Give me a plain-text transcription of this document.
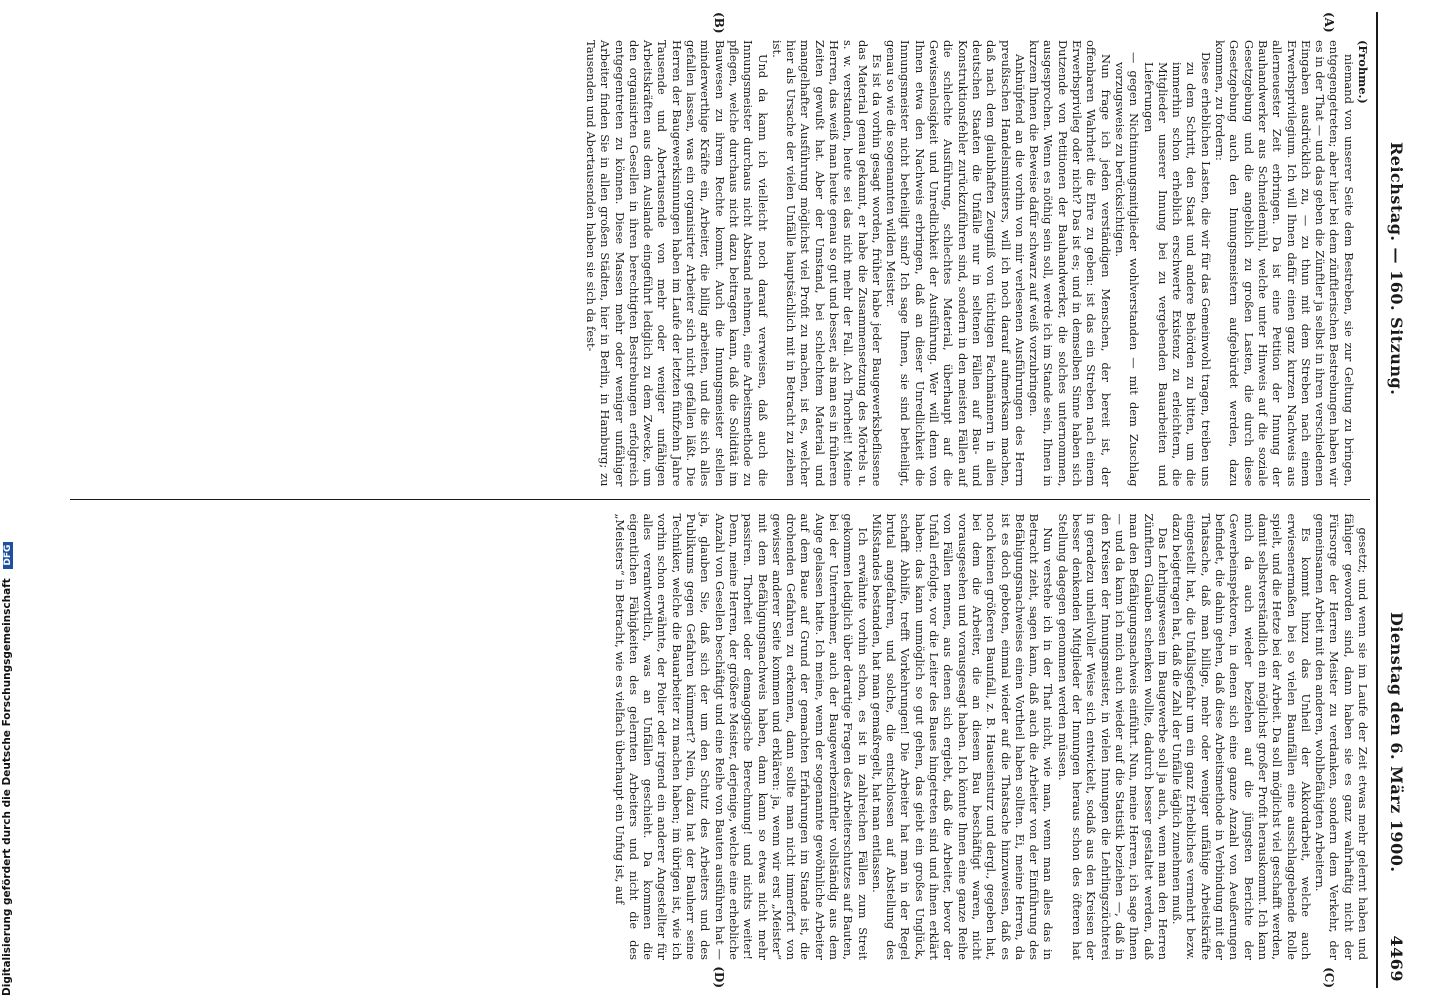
Reichstag. — 160. Sitzung.
Dienstag den 6. März 1900.
4469
(A)
(B)

(Frohme.)

niemand von unserer Seite dem Bestreben, sie zur Geltung zu bringen, entgegengetreten; aber hier bei dem zünftlerischen Bestrebungen haben wir es in der That — und das geben die Zünftler ja selbst in ihren verschiedenen Eingaben ausdrücklich zu, — zu thun mit dem Streben nach einem Erwerbsprivilegium. Ich will Ihnen dafür einen ganz kurzen Nachweis aus allerneuester Zeit erbringen. Da ist eine Petition der Innung der Bauhandwerker aus Schneidemühl, welche unter Hinweis auf die soziale Gesetzgebung und die angeblich zu großen Lasten, die durch diese Gesetzgebung auch den Innungsmeistern aufgebürdet werden, dazu kommen, zu fordern:

Diese erheblichen Lasten, die wir für das Gemeinwohl tragen, treiben uns zu dem Schritt, den Staat und andere Behörden zu bitten, um die immerhin schon erheblich erschwerte Existenz zu erleichtern, die Mitglieder unserer Innung bei zu vergebenden Bauarbeiten und Lieferungen

— gegen Nichtinnungsmitglieder wohlverstanden — mit dem Zuschlag vorzugsweise zu berücksichtigen.

Nun frage ich jeden verständigen Menschen, der bereit ist, der offenbaren Wahrheit die Ehre zu geben: ist das ein Streben nach einem Erwerbsprivileg oder nicht? Das ist es; und in demselben Sinne haben sich Dutzende von Petitionen der Bauhandwerker, die solches unternommen, ausgesprochen. Wenn es nöthig sein soll, werde ich im Stande sein, Ihnen in kurzem Ihnen die Beweise dafür schwarz auf weiß vorzubringen.

Anknüpfend an die vorhin von mir verlesenen Ausführungen des Herrn preußischen Handelsministers, will ich noch darauf aufmerksam machen, daß nach dem glaubhaften Zeugniß von tüchtigen Fachmännern in allen deutschen Staaten die Unfälle nur in seltenen Fällen auf Bau- und Konstruktionsfehler zurückzuführen sind, sondern in den meisten Fällen auf die schlechte Ausführung, schlechtes Material, überhaupt auf die Gewissenlosigkeit und Unredlichkeit der Ausführung. Wer will denn von Ihnen etwa den Nachweis erbringen, daß an dieser Unredlichkeit die Innungsmeister nicht betheiligt sind? Ich sage Ihnen, sie sind betheiligt, genau so wie die sogenannten wilden Meister.

Es ist da vorhin gesagt worden, früher habe jeder Baugewerksbeflissene das Material genau gekannt, er habe die Zusammensetzung des Mörtels u. s. w. verstanden, heute sei das nicht mehr der Fall. Ach Thorheit! Meine Herren, das weiß man heute genau so gut und besser, als man es in früheren Zeiten gewußt hat. Aber der Umstand, bei schlechtem Material und mangelhafter Ausführung möglichst viel Profit zu machen, ist es, welcher hier als Ursache der vielen Unfälle hauptsächlich mit in Betracht zu ziehen ist.

Und da kann ich vielleicht noch darauf verweisen, daß auch die Innungsmeister durchaus nicht Abstand nehmen, eine Arbeitsmethode zu pflegen, welche durchaus nicht dazu beitragen kann, daß die Solidität im Bauwesen zu ihrem Rechte kommt. Auch die Innungsmeister stellen minderwerthige Kräfte ein, Arbeiter, die billig arbeiten, und die sich alles gefallen lassen, was ein organisirter Arbeiter sich nicht gefallen läßt. Die Herren der Baugewerksinnungen haben im Laufe der letzten fünfzehn Jahre Tausende und Abertausende von mehr oder weniger unfähigen Arbeitskräften aus dem Auslande eingeführt lediglich zu dem Zwecke, um den organisirten Gesellen in ihren berechtigten Bestrebungen erfolgreich entgegentreten zu können. Diese Massen mehr oder weniger unfähiger Arbeiter finden Sie in allen großen Städten, hier in Berlin, in Hamburg; zu Tausenden und Abertausenden haben sie sich da fest-

(C)
(D)

gesetzt; und wenn sie im Laufe der Zeit etwas mehr gelernt haben und fähiger geworden sind, dann haben sie es ganz wahrhaftig nicht der Fürsorge der Herren Meister zu verdanken, sondern dem Verkehr, der gemeinsamen Arbeit mit den anderen, wohlbefähigten Arbeitern.

Es kommt hinzu das Unheil der Akkordarbeit, welche auch erwiesenermaßen bei so vielen Baunfällen eine ausschlaggebende Rolle spielt, und die Hetze bei der Arbeit. Da soll möglichst viel geschafft werden, damit selbstverständlich ein möglichst großer Profit herauskommt. Ich kann mich da auch wieder beziehen auf die jüngsten Berichte der Gewerbeinspektoren, in denen sich eine ganze Anzahl von Aeußerungen befindet, die dahin gehen, daß diese Arbeitsmethode in Verbindung mit der Thatsache, daß man billige, mehr oder weniger unfähige Arbeitskräfte eingestellt hat, die Unfallsgefahr um ein ganz Erhebliches vermehrt bezw. dazu beigetragen hat, daß die Zahl der Unfälle täglich zunehmen muß.

Das Lehrlingswesen im Baugewerbe soll ja auch, wenn man den Herren Zünftlern Glauben schenken wollte, dadurch besser gestaltet werden, daß man den Befähigungsnachweis einführt. Nun, meine Herren, ich sage Ihnen — und da kann ich mich auch wieder auf die Statistik beziehen —, daß in den Kreisen der Innungsmeister, in vielen Innungen die Lehrlingszüchterei in geradezu unheilvoller Weise sich entwickelt, sodaß aus den Kreisen der besser denkenden Mitglieder der Innungen heraus schon des öfteren hat Stellung dagegen genommen werden müssen.

Nun verstehe ich in der That nicht, wie man, wenn man alles das in Betracht zieht, sagen kann, daß auch die Arbeiter von der Einführung des Befähigungsnachweises einen Vortheil haben sollten. Ei, meine Herren, da ist es doch geboten, einmal wieder auf die Thatsache hinzuweisen, daß es noch keinen größeren Baunfall, z. B. Hauseinsturz und dergl., gegeben hat, bei dem die Arbeiter, die an diesem Bau beschäftigt waren, nicht vorausgesehen und vorausgesagt haben. Ich könnte Ihnen eine ganze Reihe von Fällen nennen, aus denen sich ergiebt, daß die Arbeiter, bevor der Unfall erfolgte, vor die Leiter des Baues hingetreten sind und ihnen erklärt haben: das kann unmöglich so gut gehen, das giebt ein großes Unglück, schafft Abhilfe, trefft Vorkehrungen! Die Arbeiter hat man in der Regel brutal angefahren, und solche, die entschlossen auf Abstellung des Mißstandes bestanden, hat man gemaßregelt, hat man entlassen.

Ich erwähnte vorhin schon, es ist in zahlreichen Fällen zum Streit gekommen lediglich über derartige Fragen des Arbeiterschutzes auf Bauten, bei der Unternehmer, auch der Baugewerbezünftler vollständig aus dem Auge gelassen hatte. Ich meine, wenn der sogenannte gewöhnliche Arbeiter auf dem Baue auf Grund der gemachten Erfahrungen im Stande ist, die drohenden Gefahren zu erkennen, dann sollte man nicht immerfort von gewisser anderer Seite kommen und erklären: ja, wenn wir erst „Meister“ mit dem Befähigungsnachweis haben, dann kann so etwas nicht mehr passiren. Thorheit oder demagogische Berechnung! und nichts weiter! Denn, meine Herren, der größere Meister, derjenige, welche eine erhebliche Anzahl von Gesellen beschäftigt und eine Reihe von Bauten ausführen hat — ja, glauben Sie, daß sich der um den Schutz des Arbeiters und des Publikums gegen Gefahren kümmert? Nein, dazu hat der Bauherr seine Techniker, welche die Bauarbeiter zu machen haben; im übrigen ist, wie ich vorhin schon erwähnte, der Polier oder irgend ein anderer Angestellter für alles verantwortlich, was an Unfällen geschieht. Da kommen die eigentlichen Fähigkeiten des gelernten Arbeiters und nicht die des „Meisters“ in Betracht, wie es vielfach überhaupt ein Unfug ist, auf

Digitalisierung gefördert durch die Deutsche Forschungsgemeinschaft DFG
